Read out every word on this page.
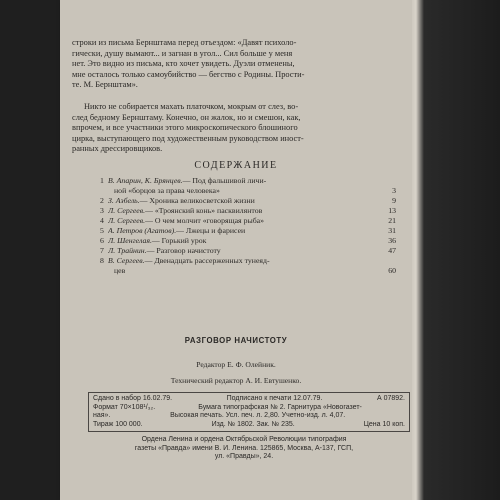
строки из письма Бернштама перед отъездом: «Давят психоло-
гически, душу вымают... и загнан в угол... Сил больше у меня
нет. Это видно из письма, кто хочет увидеть. Дуэли отменены,
мне осталось только самоубийство — бегство с Родины. Прости-
те. М. Бернштам».
Никто не собирается махать платочком, мокрым от слез, во-
след бедному Бернштаму. Конечно, он жалок, но и смешон, как,
впрочем, и все участники этого микроскопического блошиного
цирка, выступающего под художественным руководством иност-
ранных дрессировщиков.
СОДЕРЖАНИЕ
1 В. Апарин, К. Брянцев.— Под фальшивой личи-
ной «борцов за права человека»	3
2 З. Азбель.— Хроника великосветской жизни	9
3 Л. Сергеев.— «Троянский конь» пасквилянтов	13
4 Л. Сергеев.— О чем молчит «говорящая рыба»	21
5 А. Петров (Агатов).— Лжецы и фарисеи	31
6 Л. Шенгелая.— Горький урок	36
7 Л. Трайнин.— Разговор начистоту	47
8 В. Сергеев.— Двенадцать рассерженных тунеяд-
цев	60
РАЗГОВОР НАЧИСТОТУ
Редактор Е. Ф. Олейник.
Технический редактор А. И. Евтушенко.
Сдано в набор 16.02.79.	Подписано к печати 12.07.79.	А 07892.
Формат 70×108¹/₃₂.	Бумага типографская № 2. Гарнитура «Новогазет-
ная».	Высокая печать. Усл. печ. л. 2,80. Учетно-изд. л. 4,07.
Тираж 100 000.	Изд. № 1802. Зак. № 235.	Цена 10 коп.
Ордена Ленина и ордена Октябрьской Революции типография
газеты «Правда» имени В. И. Ленина. 125865, Москва, А-137, ГСП,
ул. «Правды», 24.
